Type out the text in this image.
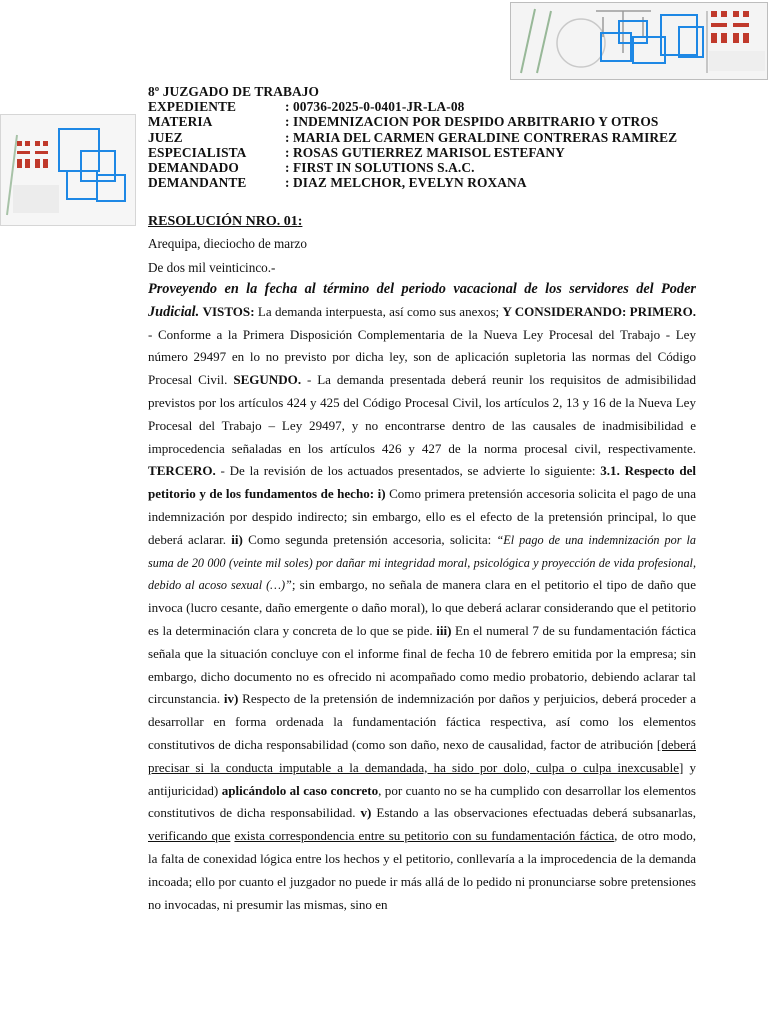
8º JUZGADO DE TRABAJO
EXPEDIENTE	: 00736-2025-0-0401-JR-LA-08
MATERIA	: INDEMNIZACION POR DESPIDO ARBITRARIO Y OTROS
JUEZ	: MARIA DEL CARMEN GERALDINE CONTRERAS RAMIREZ
ESPECIALISTA	: ROSAS GUTIERREZ MARISOL ESTEFANY
DEMANDADO	: FIRST IN SOLUTIONS S.A.C.
DEMANDANTE	: DIAZ MELCHOR, EVELYN ROXANA
RESOLUCIÓN NRO. 01:
Arequipa, dieciocho de marzo
De dos mil veinticinco.-

Proveyendo en la fecha al término del periodo vacacional de los servidores del Poder Judicial. VISTOS: La demanda interpuesta, así como sus anexos; Y CONSIDERANDO: PRIMERO. - Conforme a la Primera Disposición Complementaria de la Nueva Ley Procesal del Trabajo - Ley número 29497 en lo no previsto por dicha ley, son de aplicación supletoria las normas del Código Procesal Civil. SEGUNDO. - La demanda presentada deberá reunir los requisitos de admisibilidad previstos por los artículos 424 y 425 del Código Procesal Civil, los artículos 2, 13 y 16 de la Nueva Ley Procesal del Trabajo – Ley 29497, y no encontrarse dentro de las causales de inadmisibilidad e improcedencia señaladas en los artículos 426 y 427 de la norma procesal civil, respectivamente. TERCERO. - De la revisión de los actuados presentados, se advierte lo siguiente: 3.1. Respecto del petitorio y de los fundamentos de hecho: i) Como primera pretensión accesoria solicita el pago de una indemnización por despido indirecto; sin embargo, ello es el efecto de la pretensión principal, lo que deberá aclarar. ii) Como segunda pretensión accesoria, solicita: “El pago de una indemnización por la suma de 20 000 (veinte mil soles) por dañar mi integridad moral, psicológica y proyección de vida profesional, debido al acoso sexual (…)”; sin embargo, no señala de manera clara en el petitorio el tipo de daño que invoca (lucro cesante, daño emergente o daño moral), lo que deberá aclarar considerando que el petitorio es la determinación clara y concreta de lo que se pide. iii) En el numeral 7 de su fundamentación fáctica señala que la situación concluye con el informe final de fecha 10 de febrero emitida por la empresa; sin embargo, dicho documento no es ofrecido ni acompañado como medio probatorio, debiendo aclarar tal circunstancia. iv) Respecto de la pretensión de indemnización por daños y perjuicios, deberá proceder a desarrollar en forma ordenada la fundamentación fáctica respectiva, así como los elementos constitutivos de dicha responsabilidad (como son daño, nexo de causalidad, factor de atribución [deberá precisar si la conducta imputable a la demandada, ha sido por dolo, culpa o culpa inexcusable] y antijuricidad) aplicándolo al caso concreto, por cuanto no se ha cumplido con desarrollar los elementos constitutivos de dicha responsabilidad. v) Estando a las observaciones efectuadas deberá subsanarlas, verificando que exista correspondencia entre su petitorio con su fundamentación fáctica, de otro modo, la falta de conexidad lógica entre los hechos y el petitorio, conllevaría a la improcedencia de la demanda incoada; ello por cuanto el juzgador no puede ir más allá de lo pedido ni pronunciarse sobre pretensiones no invocadas, ni presumir las mismas, sino en
